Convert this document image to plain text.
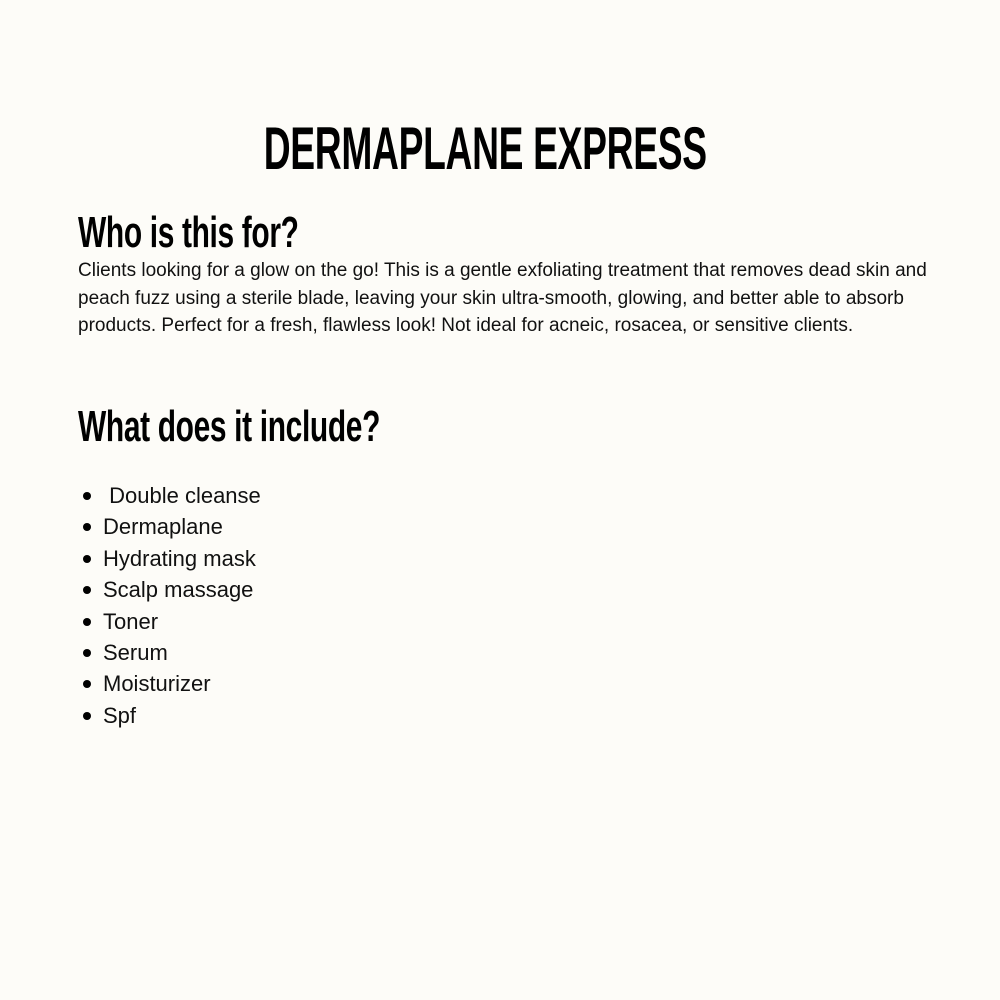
DERMAPLANE EXPRESS
Who is this for?

Clients looking for a glow on the go! This is a gentle exfoliating treatment that removes dead skin and peach fuzz using a sterile blade, leaving your skin ultra-smooth, glowing, and better able to absorb products. Perfect for a fresh, flawless look! Not ideal for acneic, rosacea, or sensitive clients.

What does it include?
Double cleanse
Dermaplane
Hydrating mask
Scalp massage
Toner
Serum
Moisturizer
Spf
